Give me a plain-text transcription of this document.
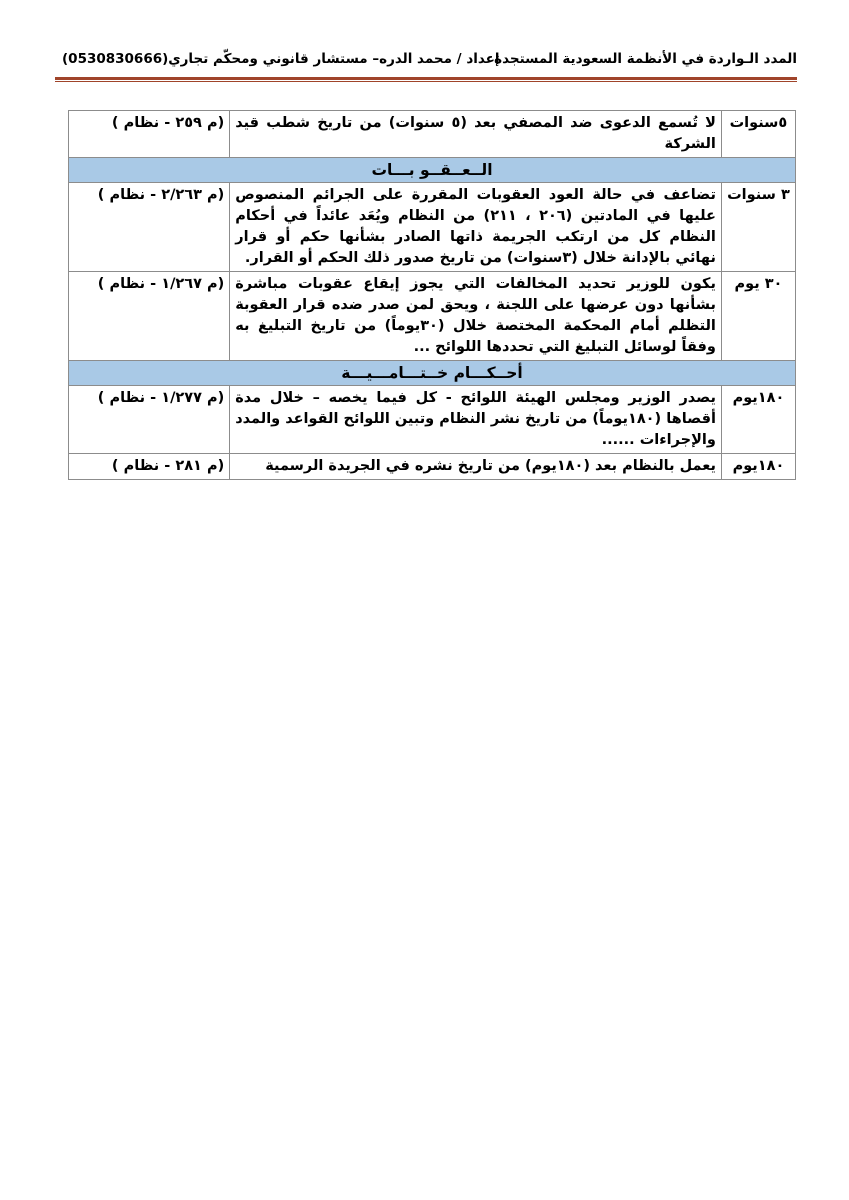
المدد الـواردة في الأنظمة السعودية المستجدة
إعداد / محمد الدره– مستشار قانوني ومحكّم تجاري(0530830666)
٥سنوات	لا تُسمع الدعوى ضد المصفي بعد (٥ سنوات) من تاريخ شطب قيد الشركة	(م ٢٥٩ - نظام )
الــعــقــو بـــات		
٣ سنوات	تضاعف في حالة العود العقوبات المقررة على الجرائم المنصوص عليها في المادتين (٢٠٦ ، ٢١١) من النظام ويُعَد عائداً في أحكام النظام كل من ارتكب الجريمة ذاتها الصادر بشأنها حكم أو قرار نهائي بالإدانة خلال (٣سنوات) من تاريخ صدور ذلك الحكم أو القرار.	(م ٢/٢٦٣ - نظام )
٣٠ يوم	يكون للوزير تحديد المخالفات التي يجوز إيقاع عقوبات مباشرة بشأنها دون عرضها على اللجنة ، ويحق لمن صدر ضده قرار العقوبة التظلم أمام المحكمة المختصة خلال (٣٠يوماً) من تاريخ التبليغ به وفقاً لوسائل التبليغ التي تحددها اللوائح ...	(م ١/٢٦٧ - نظام )
أحــكـــام خــتـــامـــيـــة		
١٨٠يوم	يصدر الوزير ومجلس الهيئة اللوائح - كل فيما يخصه – خلال مدة أقصاها (١٨٠يوماً) من تاريخ نشر النظام وتبين اللوائح القواعد والمدد والإجراءات ......	(م ١/٢٧٧ - نظام )
١٨٠يوم	يعمل بالنظام بعد (١٨٠يوم) من تاريخ نشره في الجريدة الرسمية	(م ٢٨١ - نظام )
